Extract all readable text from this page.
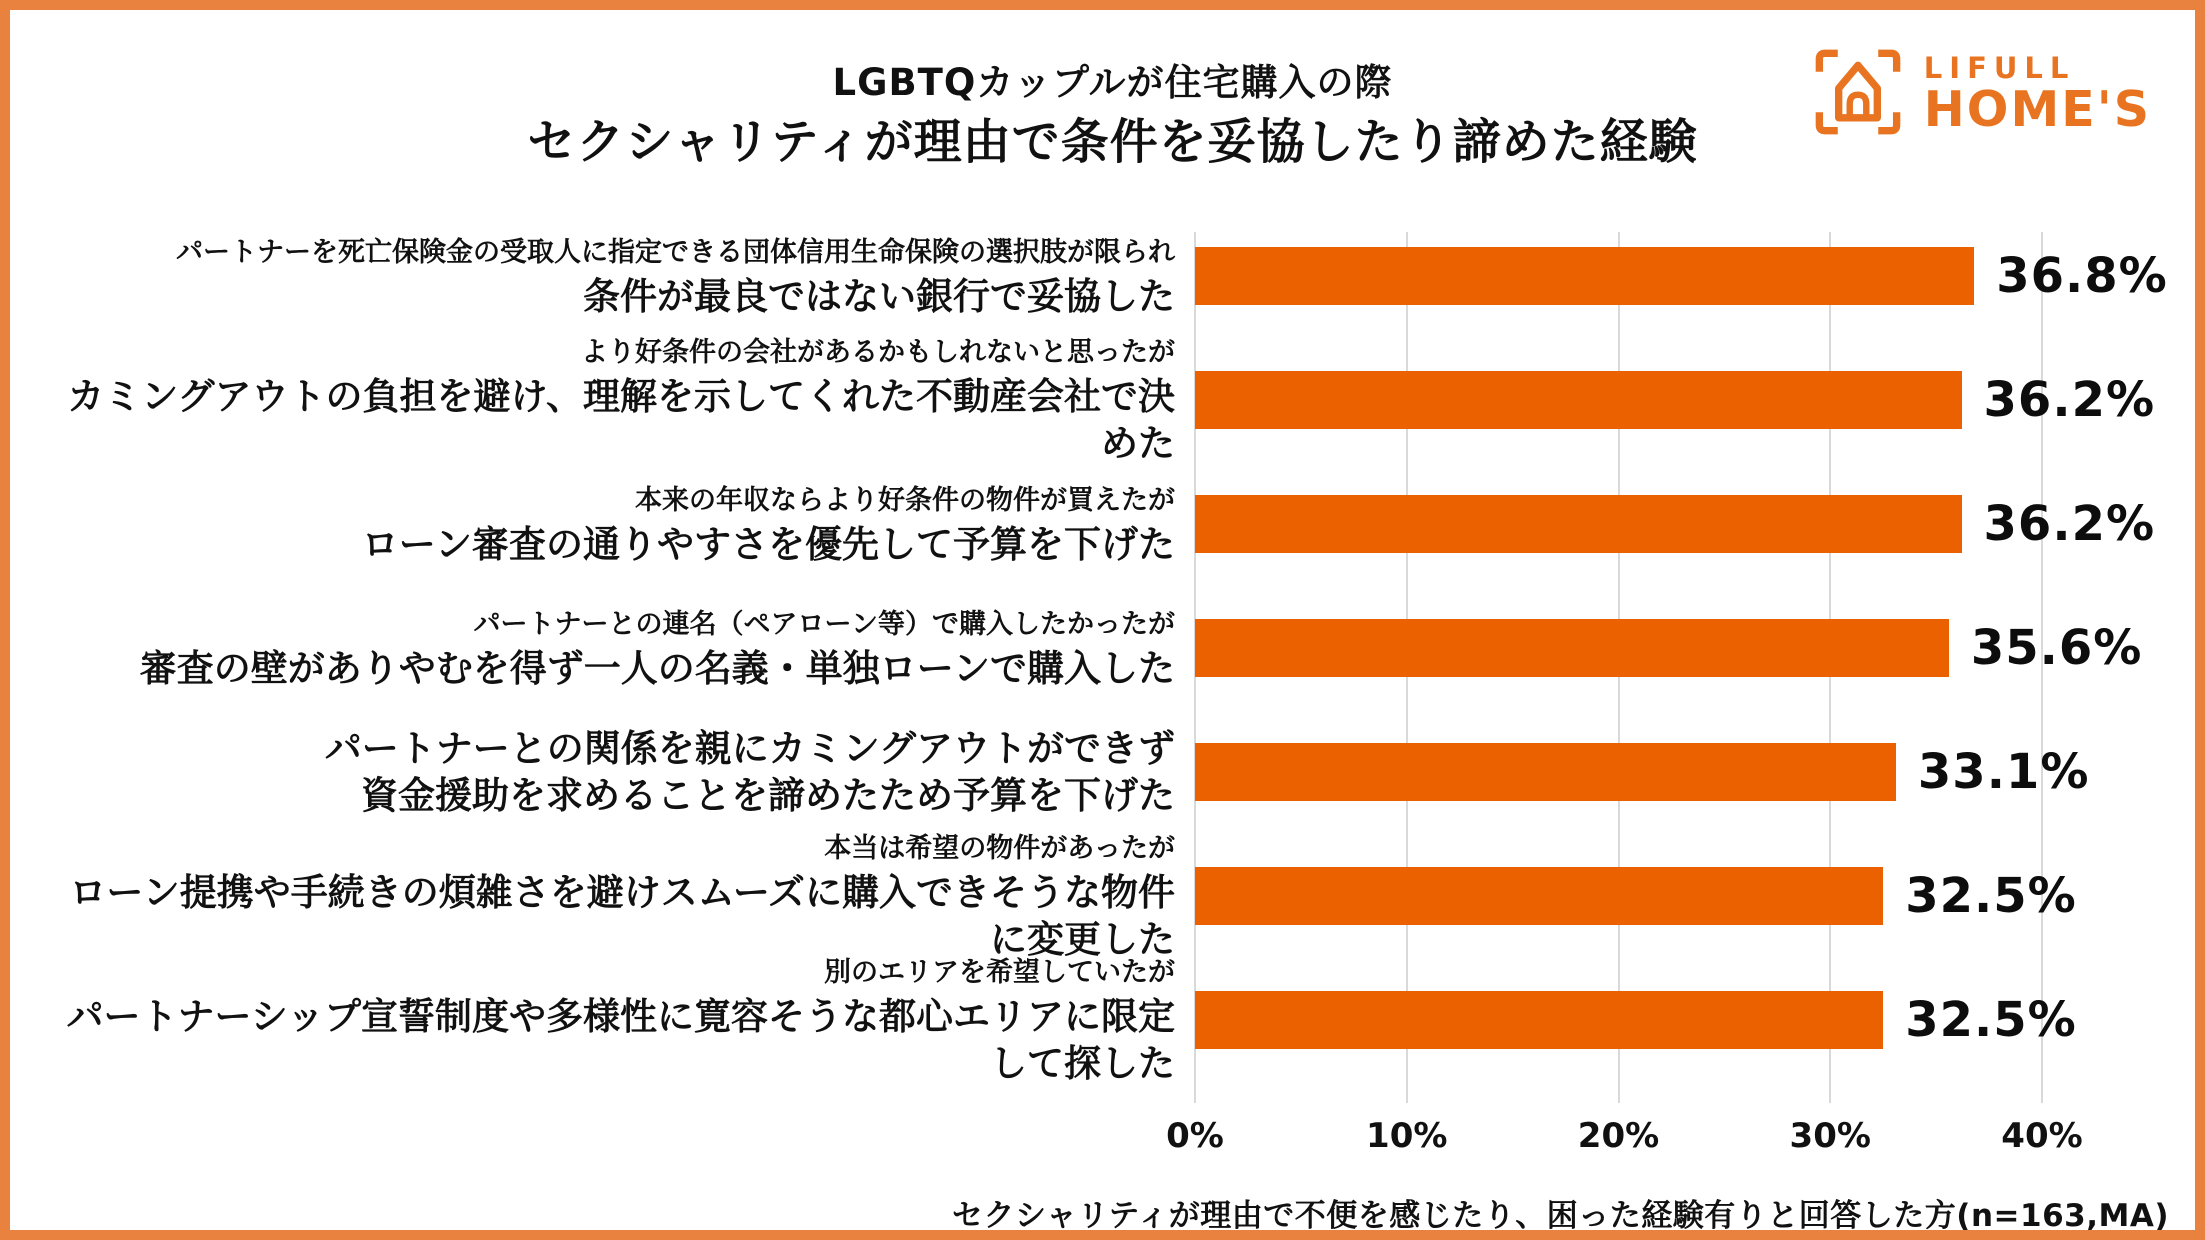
LGBTQカップルが住宅購入の際
セクシャリティが理由で条件を妥協したり諦めた経験
LIFULL
HOME'S
パートナーを死亡保険金の受取人に指定できる団体信用生命保険の選択肢が限られ
条件が最良ではない銀行で妥協した	36.8%
より好条件の会社があるかもしれないと思ったが
カミングアウトの負担を避け、理解を示してくれた不動産会社で決めた
36.2%
本来の年収ならより好条件の物件が買えたが
ローン審査の通りやすさを優先して予算を下げた	36.2%
パートナーとの連名（ペアローン等）で購入したかったが
審査の壁がありやむを得ず一人の名義・単独ローンで購入した	35.6%
パートナーとの関係を親にカミングアウトができず
資金援助を求めることを諦めたため予算を下げた	33.1%
本当は希望の物件があったが
ローン提携や手続きの煩雑さを避けスムーズに購入できそうな物件に変更した
32.5%
別のエリアを希望していたが
パートナーシップ宣誓制度や多様性に寛容そうな都心エリアに限定して探した
32.5%
0%	10%	20%	30%	40%
セクシャリティが理由で不便を感じたり、困った経験有りと回答した方(n=163,MA)
